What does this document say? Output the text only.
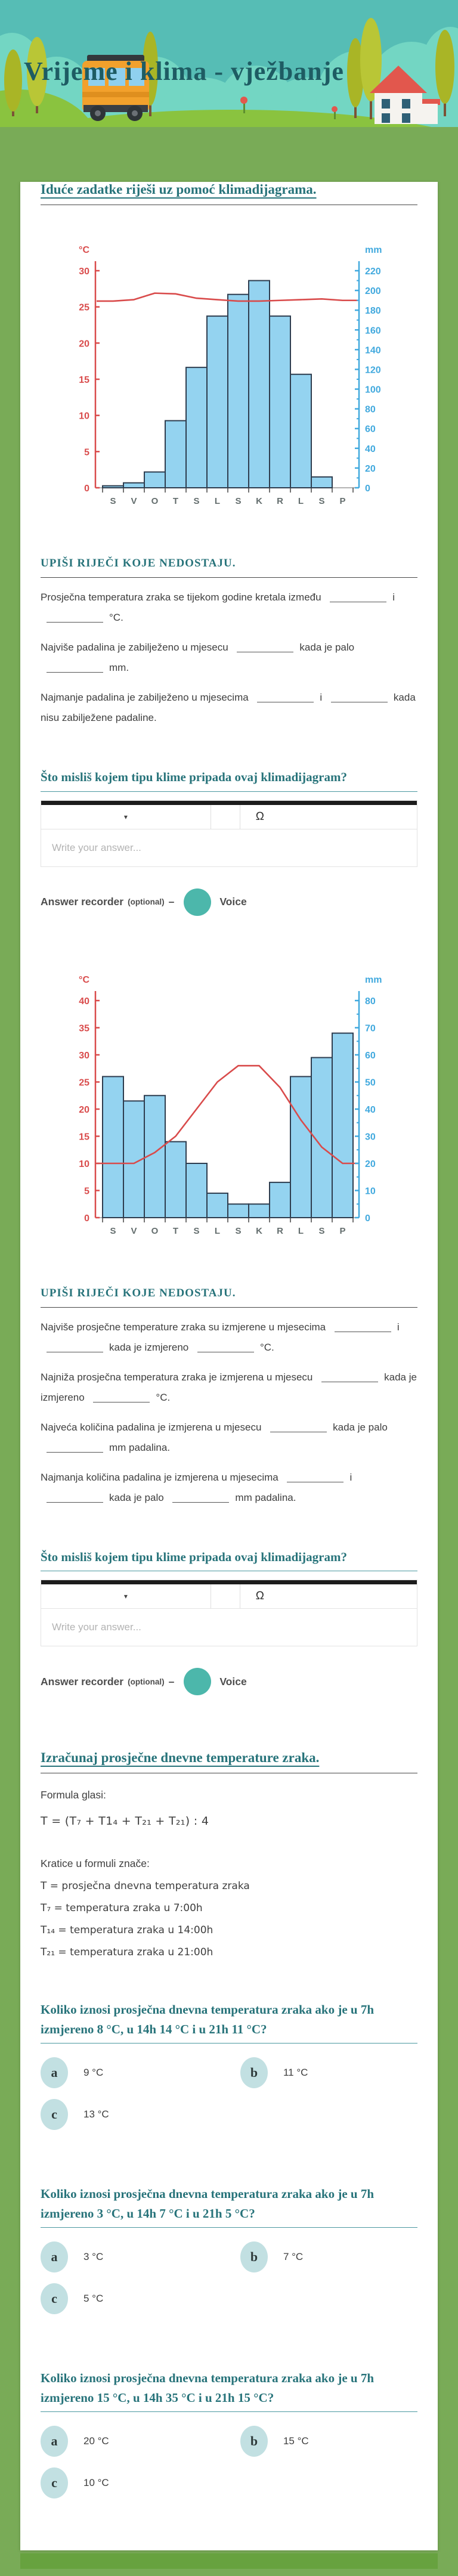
Vrijeme i klima - vježbanje
Iduće zadatke riješi uz pomoć klimadijagrama.
0
5
10
15
20
25
30
°C
0
20
40
60
80
100
120
140
160
180
200
220
mm
S V O T S L S K R L S P
UPIŠI RIJEČI KOJE NEDOSTAJU.

Prosječna temperatura zraka se tijekom godine kretala između	i °C.

Najviše padalina je zabilježeno u mjesecu	kada je palo mm.

Najmanje padalina je zabilježeno u mjesecima	i	kada nisu zabilježene padaline.

Što misliš kojem tipu klime pripada ovaj klimadijagram?
▾	Ω
Write your answer...
Answer recorder (optional) –	Voice
0
5
10
15
20
25
30
35
40
°C
0
10
20
30
40
50
60
70
80
mm
S V O T S L S K R L S P
UPIŠI RIJEČI KOJE NEDOSTAJU.

Najviše prosječne temperature zraka su izmjerene u mjesecima	i kada je izmjereno	°C.

Najniža prosječna temperatura zraka je izmjerena u mjesecu	kada je izmjereno	°C.

Najveća količina padalina je izmjerena u mjesecu	kada je palo mm padalina.

Najmanja količina padalina je izmjerena u mjesecima	i kada je palo	mm padalina.

Što misliš kojem tipu klime pripada ovaj klimadijagram?
▾	Ω
Write your answer...
Answer recorder (optional) –	Voice
Izračunaj prosječne dnevne temperature zraka.

Formula glasi:

T = (T₇ + T1₄ + T₂₁ + T₂₁) : 4

Kratice u formuli znače:

T = prosječna dnevna temperatura zraka

T₇ = temperatura zraka u 7:00h

T₁₄ = temperatura zraka u 14:00h

T₂₁ = temperatura zraka u 21:00h

Koliko iznosi prosječna dnevna temperatura zraka ako je u 7h izmjereno 8 °C, u 14h 14 °C i u 21h 11 °C?
a	9 °C	b	11 °C
c	13 °C
Koliko iznosi prosječna dnevna temperatura zraka ako je u 7h izmjereno 3 °C, u 14h 7 °C i u 21h 5 °C?
a	3 °C	b	7 °C
c	5 °C
Koliko iznosi prosječna dnevna temperatura zraka ako je u 7h izmjereno 15 °C, u 14h 35 °C i u 21h 15 °C?
a	20 °C	b	15 °C
c	10 °C
